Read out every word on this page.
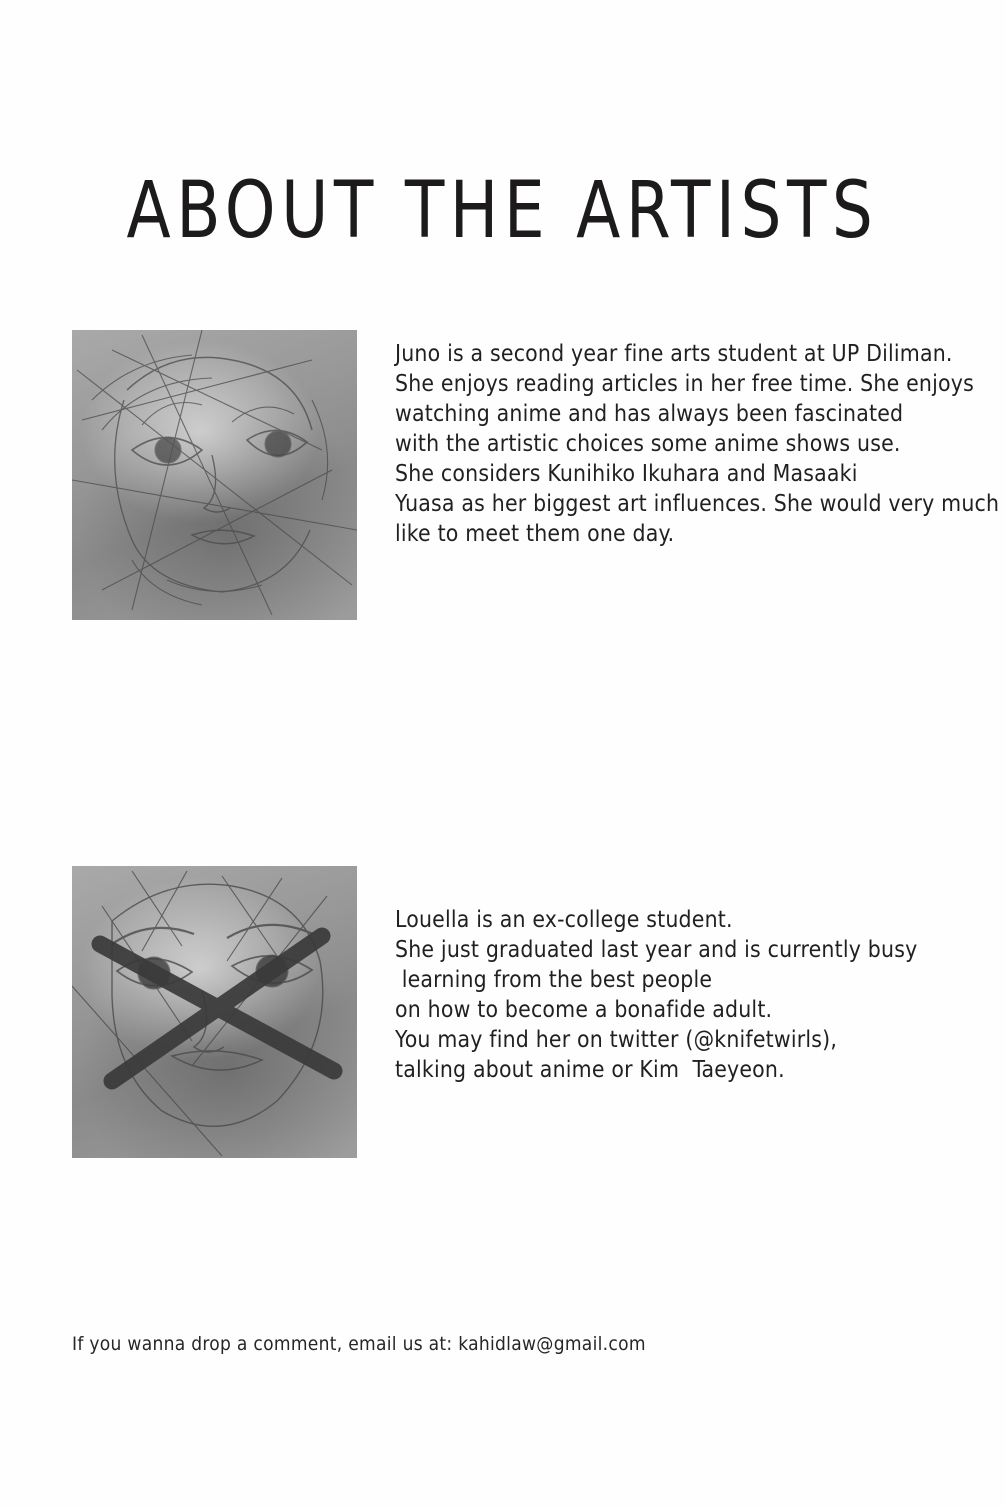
ABOUT THE ARTISTS
Juno is a second year fine arts student at UP Diliman.
She enjoys reading articles in her free time. She enjoys
watching anime and has always been fascinated
with the artistic choices some anime shows use.
She considers Kunihiko Ikuhara and Masaaki
Yuasa as her biggest art influences. She would very much
like to meet them one day.
Louella is an ex-college student.
She just graduated last year and is currently busy
learning from the best people
on how to become a bonafide adult.
You may find her on twitter (@knifetwirls),
talking about anime or Kim  Taeyeon.
If you wanna drop a comment, email us at: kahidlaw@gmail.com
